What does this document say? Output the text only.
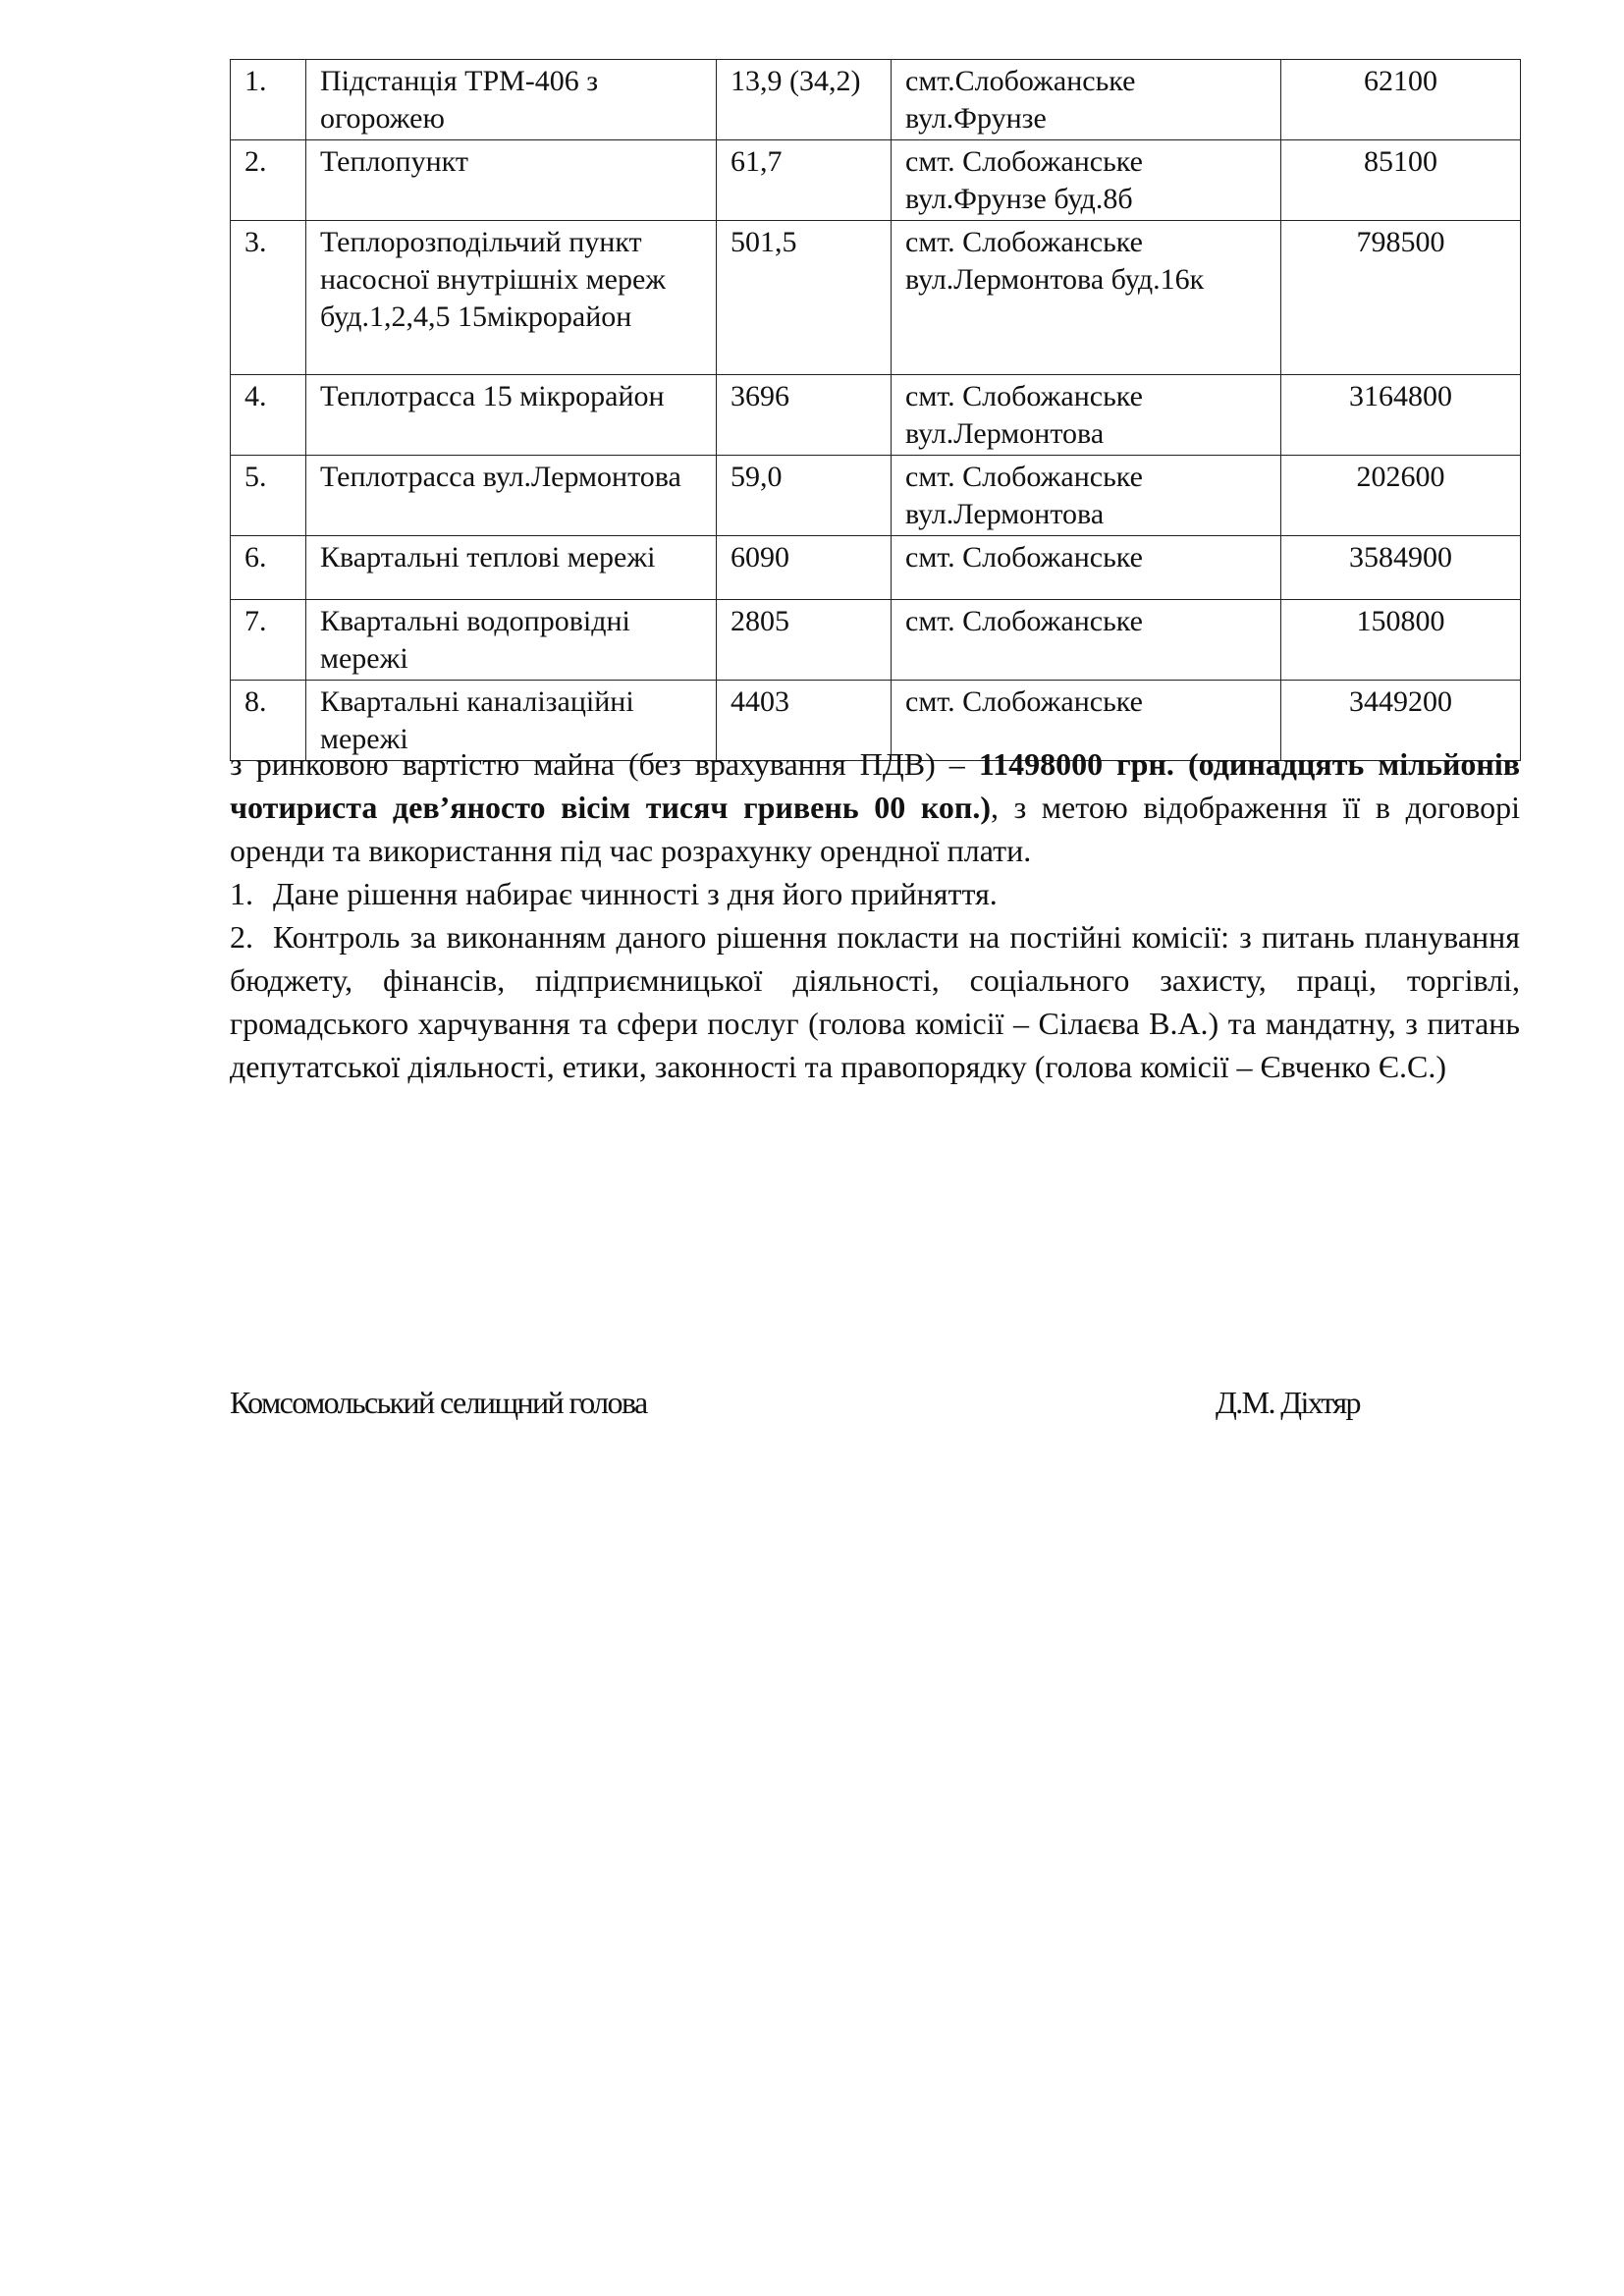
1.	Підстанція ТРМ-406 з огорожею	13,9 (34,2)	смт.Слобожанське вул.Фрунзе	62100
2.	Теплопункт	61,7	смт. Слобожанське вул.Фрунзе буд.8б	85100
3.	Теплорозподільчий пункт насосної внутрішніх мереж буд.1,2,4,5 15мікрорайон	501,5	смт. Слобожанське вул.Лермонтова буд.16к	798500
4.	Теплотрасса 15 мікрорайон	3696	смт. Слобожанське вул.Лермонтова	3164800
5.	Теплотрасса вул.Лермонтова	59,0	смт. Слобожанське вул.Лермонтова	202600
6.	Квартальні теплові мережі	6090	смт. Слобожанське	3584900
7.	Квартальні водопровідні мережі	2805	смт. Слобожанське	150800
8.	Квартальні каналізаційні мережі	4403	смт. Слобожанське	3449200

з ринковою вартістю майна (без врахування ПДВ) – 11498000 грн. (одинадцять мільйонів чотириста дев’яносто вісім тисяч гривень 00 коп.), з метою відображення її в договорі оренди та використання під час розрахунку орендної плати.

1. Дане рішення набирає чинності з дня його прийняття.

2. Контроль за виконанням даного рішення покласти на постійні комісії: з питань планування бюджету, фінансів, підприємницької діяльності, соціального захисту, праці, торгівлі, громадського харчування та сфери послуг (голова комісії – Сілаєва В.А.) та мандатну, з питань депутатської діяльності, етики, законності та правопорядку (голова комісії – Євченко Є.С.)

Комсомольський селищний голова	Д.М. Діхтяр
